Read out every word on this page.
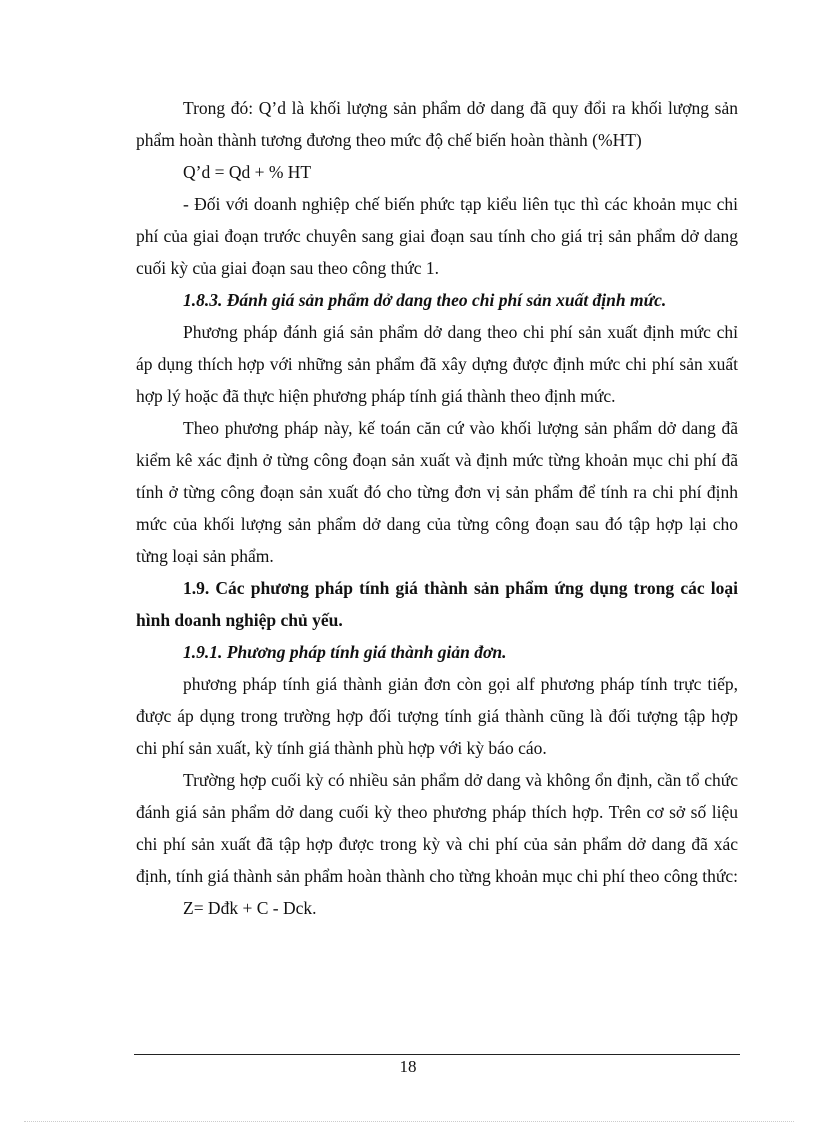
Trong đó: Q’d là khối lượng sản phẩm dở dang đã quy đổi ra khối lượng sản phẩm hoàn thành tương đương theo mức độ chế biến hoàn thành (%HT)

Q’d = Qd + % HT

- Đối với doanh nghiệp chế biến phức tạp kiểu liên tục thì các khoản mục chi phí của giai đoạn trước chuyên sang giai đoạn sau tính cho giá trị sản phẩm dở dang cuối kỳ của giai đoạn sau theo công thức 1.

1.8.3. Đánh giá sản phẩm dở dang theo chi phí sản xuất định mức.

Phương pháp đánh giá sản phẩm dở dang theo chi phí sản xuất định mức chỉ áp dụng thích hợp với những sản phẩm đã xây dựng được định mức chi phí sản xuất hợp lý hoặc đã thực hiện phương pháp tính giá thành theo định mức.

Theo phương pháp này, kế toán căn cứ vào khối lượng sản phẩm dở dang đã kiểm kê xác định ở từng công đoạn sản xuất và định mức từng khoản mục chi phí đã tính ở từng công đoạn sản xuất đó cho từng đơn vị sản phẩm để tính ra chi phí định mức của khối lượng sản phẩm dở dang của từng công đoạn sau đó tập hợp lại cho từng loại sản phẩm.

1.9. Các phương pháp tính giá thành sản phẩm ứng dụng trong các loại hình doanh nghiệp chủ yếu.

1.9.1. Phương pháp tính giá thành giản đơn.

phương pháp tính giá thành giản đơn còn gọi alf phương pháp tính trực tiếp, được áp dụng trong trường hợp đối tượng tính giá thành cũng là đối tượng tập hợp chi phí sản xuất, kỳ tính giá thành phù hợp với kỳ báo cáo.

Trường hợp cuối kỳ có nhiều sản phẩm dở dang và không ổn định, cần tổ chức đánh giá sản phẩm dở dang cuối kỳ theo phương pháp thích hợp. Trên cơ sở số liệu chi phí sản xuất đã tập hợp được trong kỳ và chi phí của sản phẩm dở dang đã xác định, tính giá thành sản phẩm hoàn thành cho từng khoản mục chi phí theo công thức:

Z= Dđk + C - Dck.

18
